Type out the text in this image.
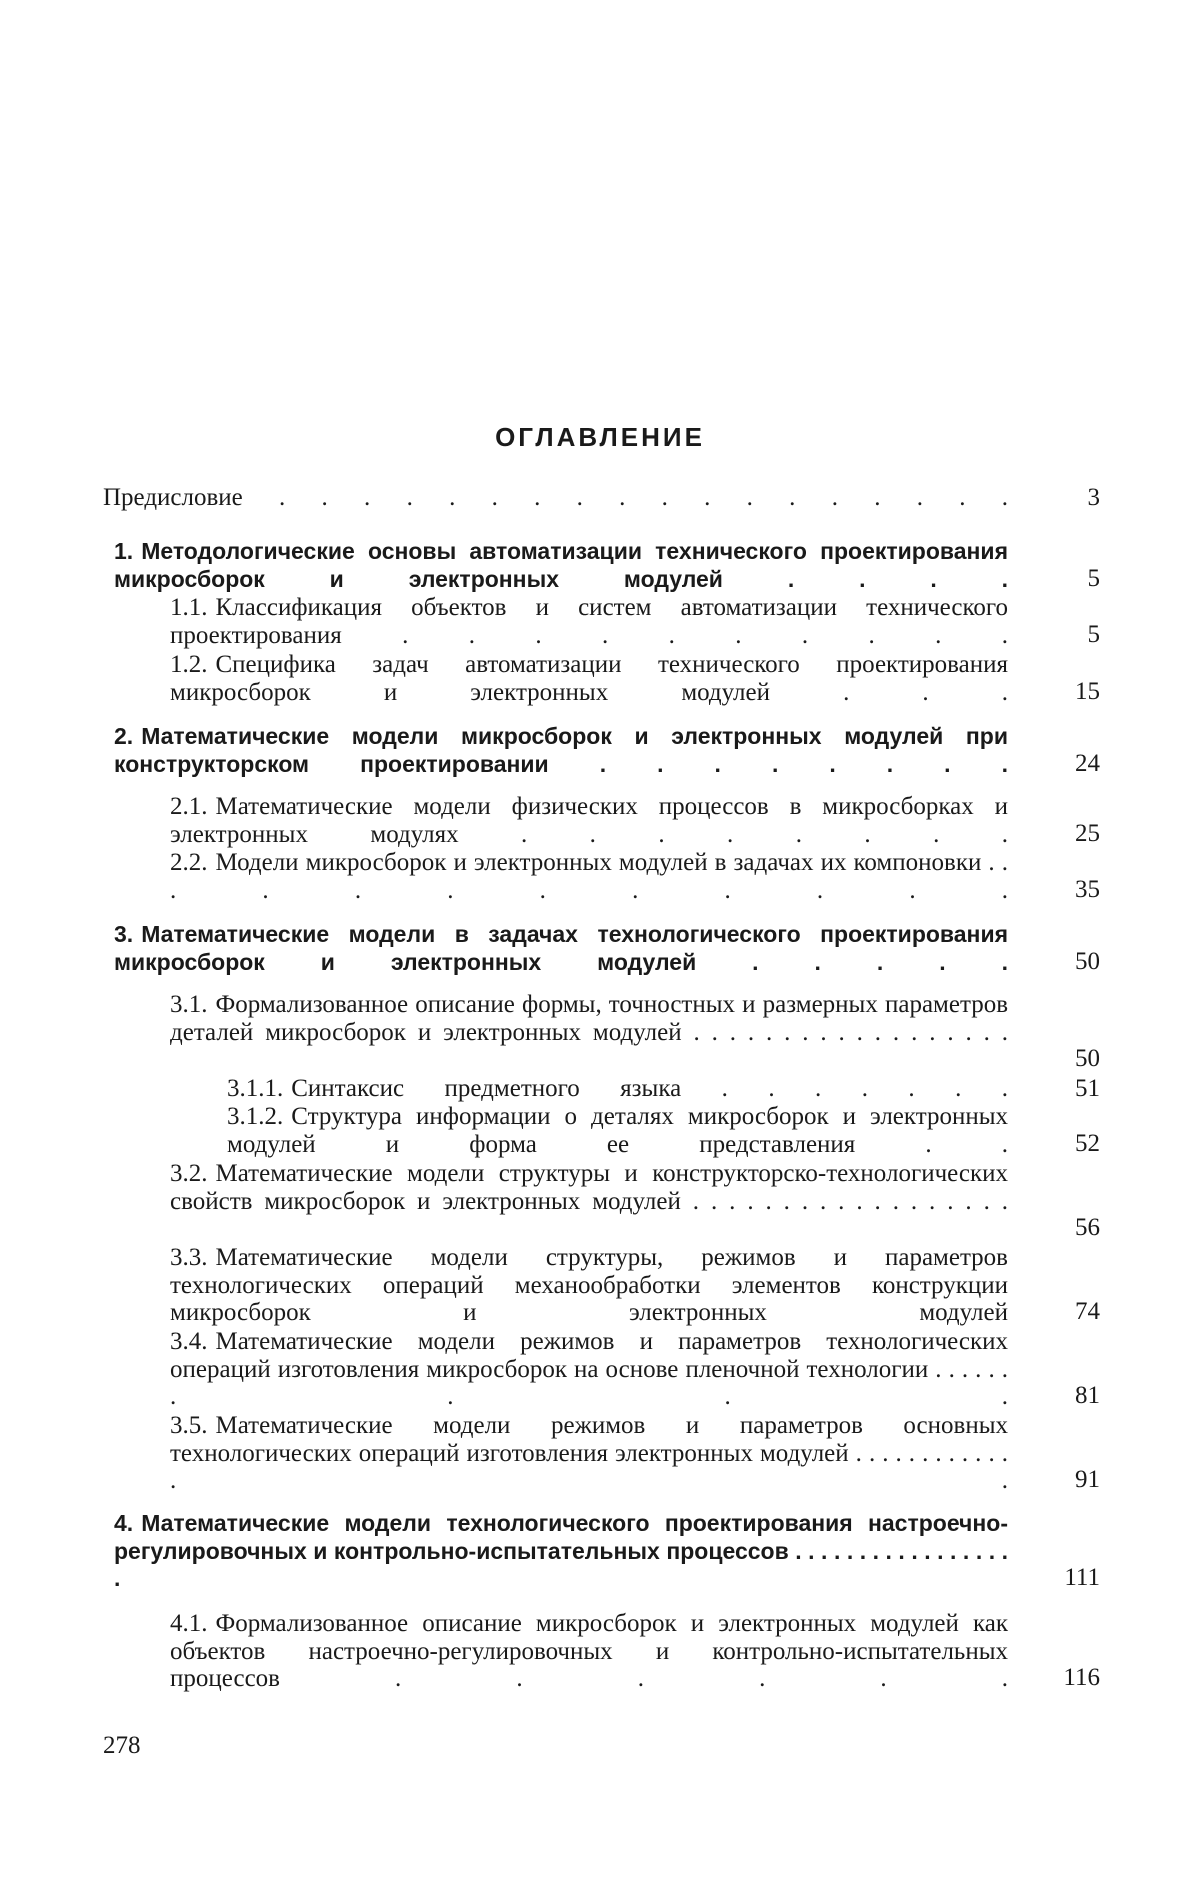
ОГЛАВЛЕНИЕ
Предисловие . . . . . . . . . . . . . . . . . .	3
1. Методологические основы автоматизации технического проектирования микросборок и электронных модулей . . . .	5
1.1. Классификация объектов и систем автоматизации технического проектирования . . . . . . . . . .	5
1.2. Специфика задач автоматизации технического проектирования микросборок и электронных модулей . . .	15
2. Математические модели микросборок и электронных модулей при конструкторском проектировании . . . . . . . .	24
2.1. Математические модели физических процессов в микросборках и электронных модулях . . . . . . . .	25
2.2. Модели микросборок и электронных модулей в задачах их компоновки . . . . . . . . . . . .	35
3. Математические модели в задачах технологического проектирования микросборок и электронных модулей . . . . .	50
3.1. Формализованное описание формы, точностных и размерных параметров деталей микросборок и электронных модулей . . . . . . . . . . . . . . . . . .
50
3.1.1. Синтаксис предметного языка . . . . . . .	51
3.1.2. Структура информации о деталях микросборок и электронных модулей и форма ее представления . .	52
3.2. Математические модели структуры и конструкторско-технологических свойств микросборок и электронных модулей . . . . . . . . . . . . . . . . . .
56
3.3. Математические модели структуры, режимов и параметров технологических операций механообработки элементов конструкции микросборок и электронных модулей	74
3.4. Математические модели режимов и параметров технологических операций изготовления микросборок на основе пленочной технологии . . . . . . . . . .	81
3.5. Математические модели режимов и параметров основных технологических операций изготовления электронных модулей . . . . . . . . . . . . . .	91
4. Математические модели технологического проектирования настроечно-регулировочных и контрольно-испытательных процессов . . . . . . . . . . . . . . . . . .	111
4.1. Формализованное описание микросборок и электронных модулей как объектов настроечно-регулировочных и контрольно-испытательных процессов . . . . . .	116
278
